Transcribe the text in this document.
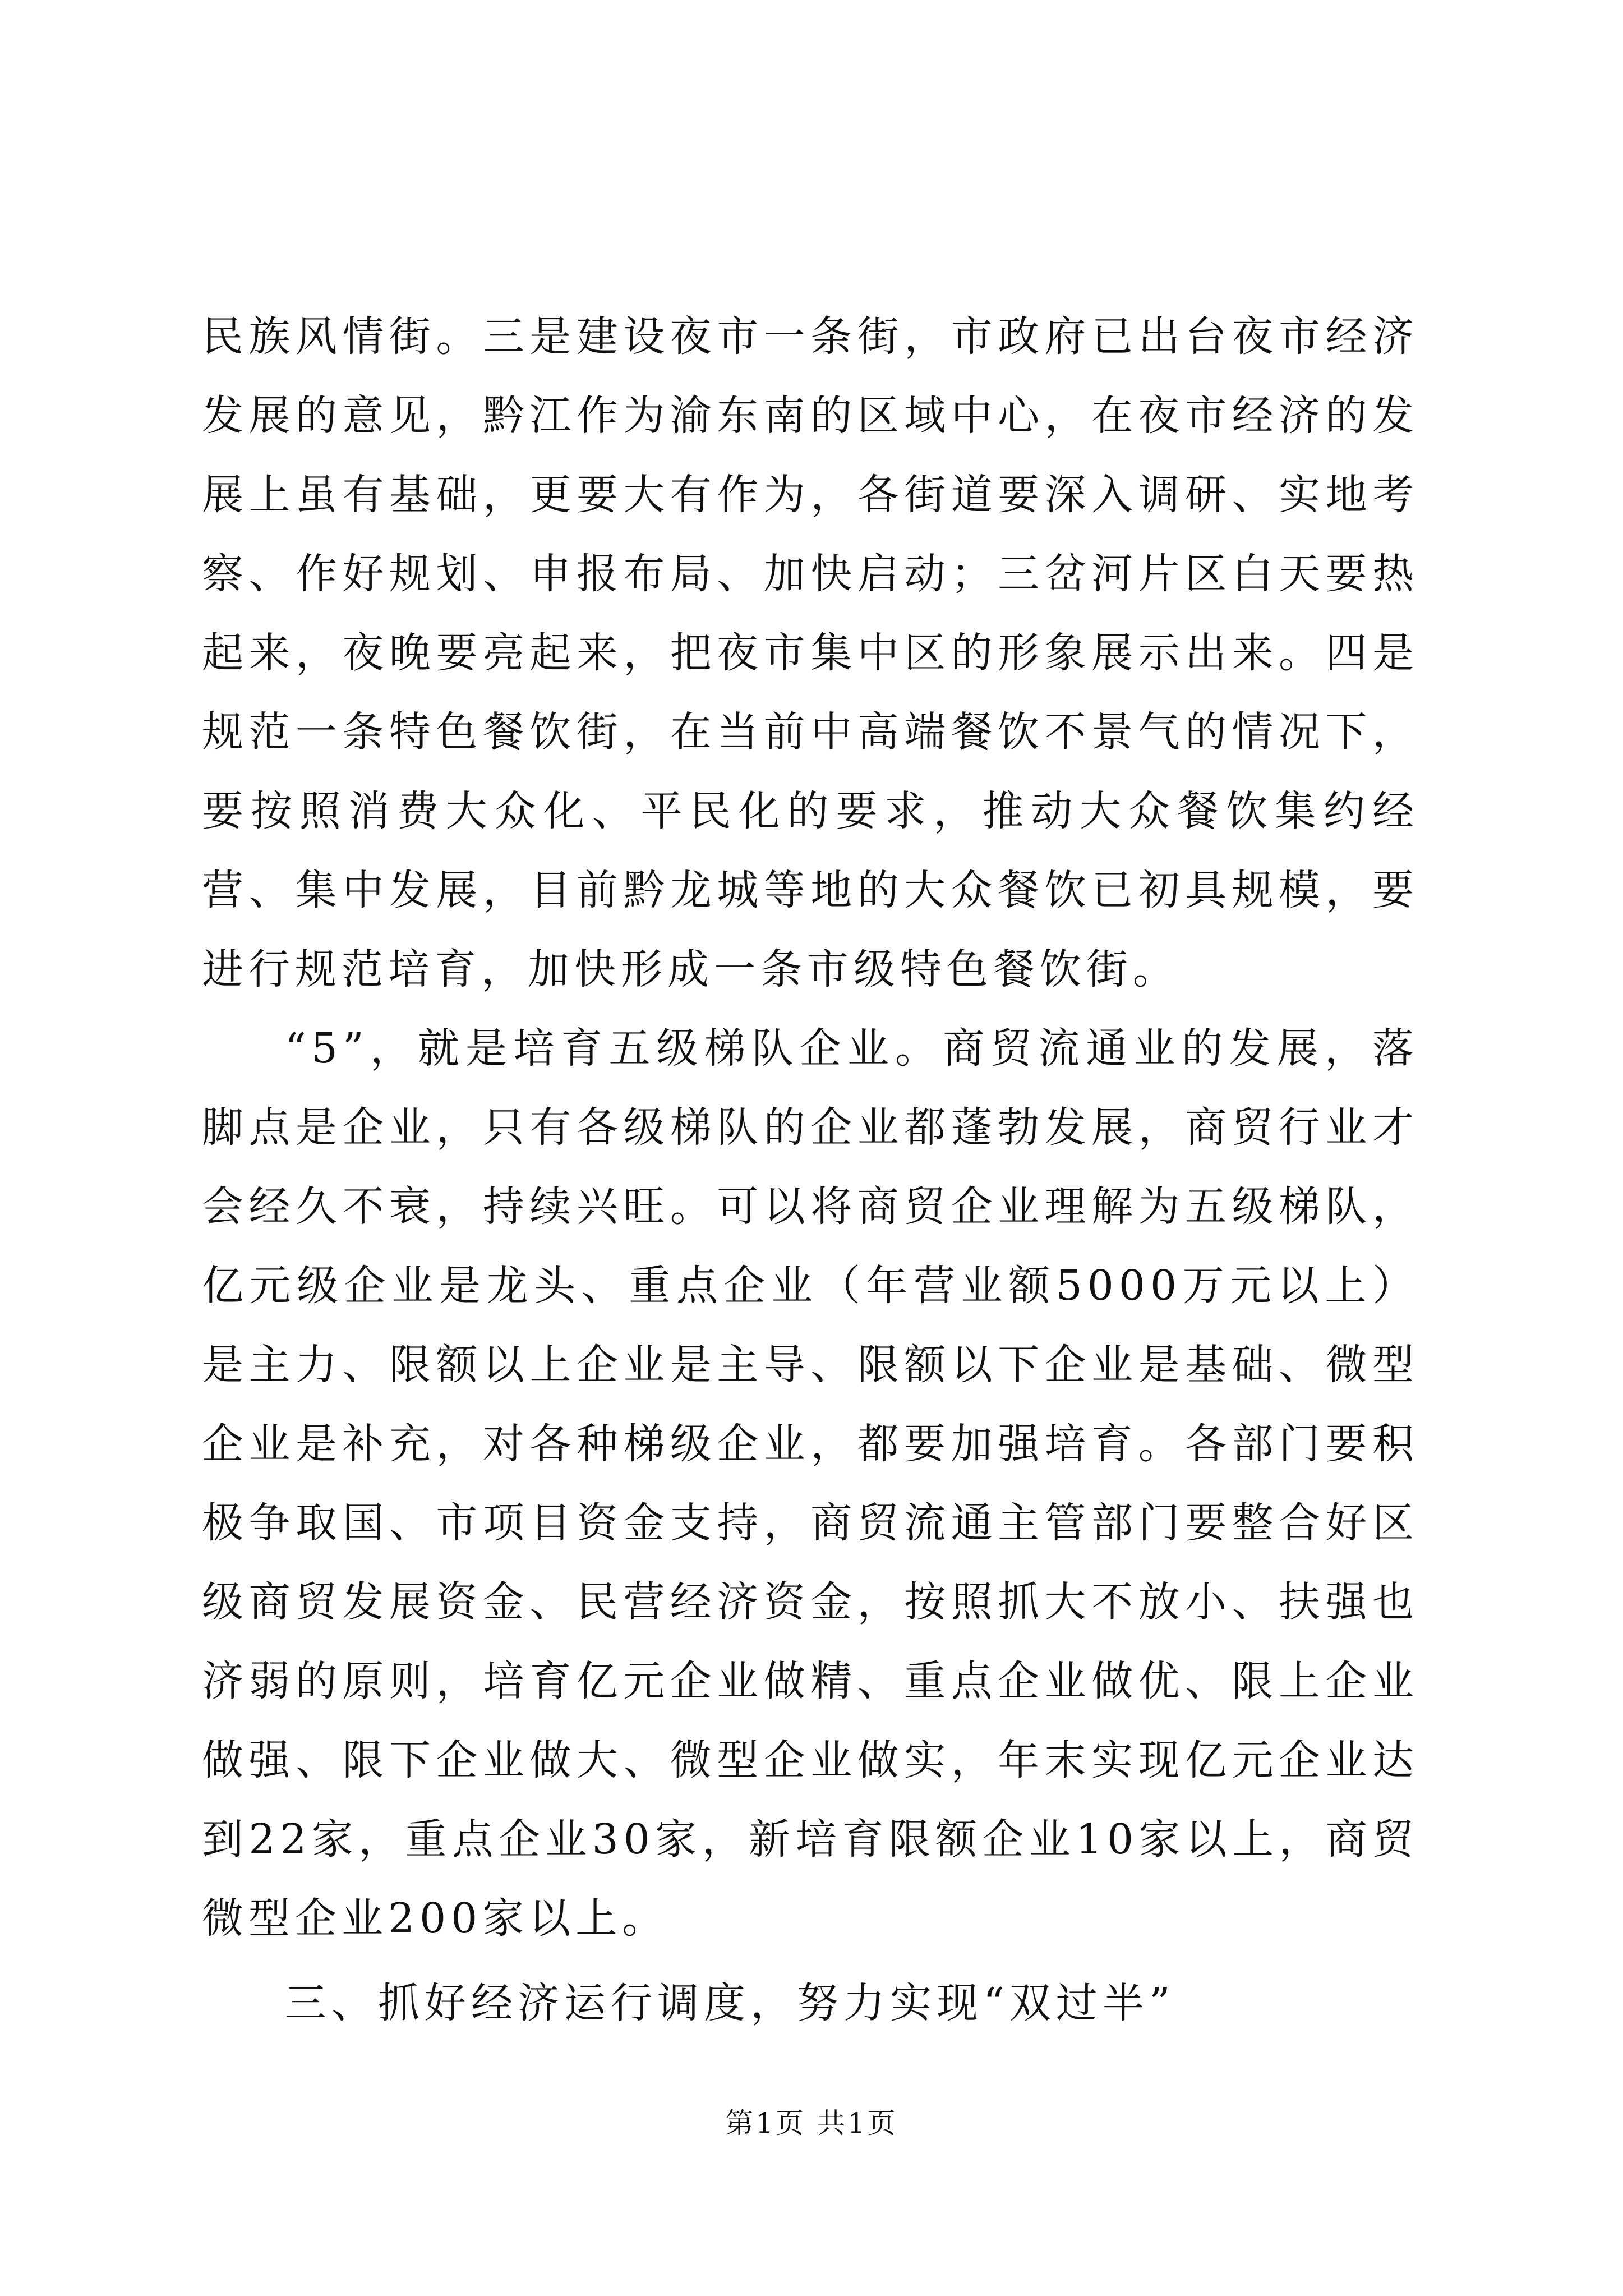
民族风情街。三是建设夜市一条街，市政府已出台夜市经济发展的意见，黔江作为渝东南的区域中心，在夜市经济的发展上虽有基础，更要大有作为，各街道要深入调研、实地考察、作好规划、申报布局、加快启动；三岔河片区白天要热起来，夜晚要亮起来，把夜市集中区的形象展示出来。四是规范一条特色餐饮街，在当前中高端餐饮不景气的情况下，要按照消费大众化、平民化的要求，推动大众餐饮集约经营、集中发展，目前黔龙城等地的大众餐饮已初具规模，要进行规范培育，加快形成一条市级特色餐饮街。

“5”，就是培育五级梯队企业。商贸流通业的发展，落脚点是企业，只有各级梯队的企业都蓬勃发展，商贸行业才会经久不衰，持续兴旺。可以将商贸企业理解为五级梯队，亿元级企业是龙头、重点企业（年营业额5000万元以上）是主力、限额以上企业是主导、限额以下企业是基础、微型企业是补充，对各种梯级企业，都要加强培育。各部门要积极争取国、市项目资金支持，商贸流通主管部门要整合好区级商贸发展资金、民营经济资金，按照抓大不放小、扶强也济弱的原则，培育亿元企业做精、重点企业做优、限上企业做强、限下企业做大、微型企业做实，年末实现亿元企业达到22家，重点企业30家，新培育限额企业10家以上，商贸微型企业200家以上。

三、抓好经济运行调度，努力实现“双过半”

第1页 共1页
